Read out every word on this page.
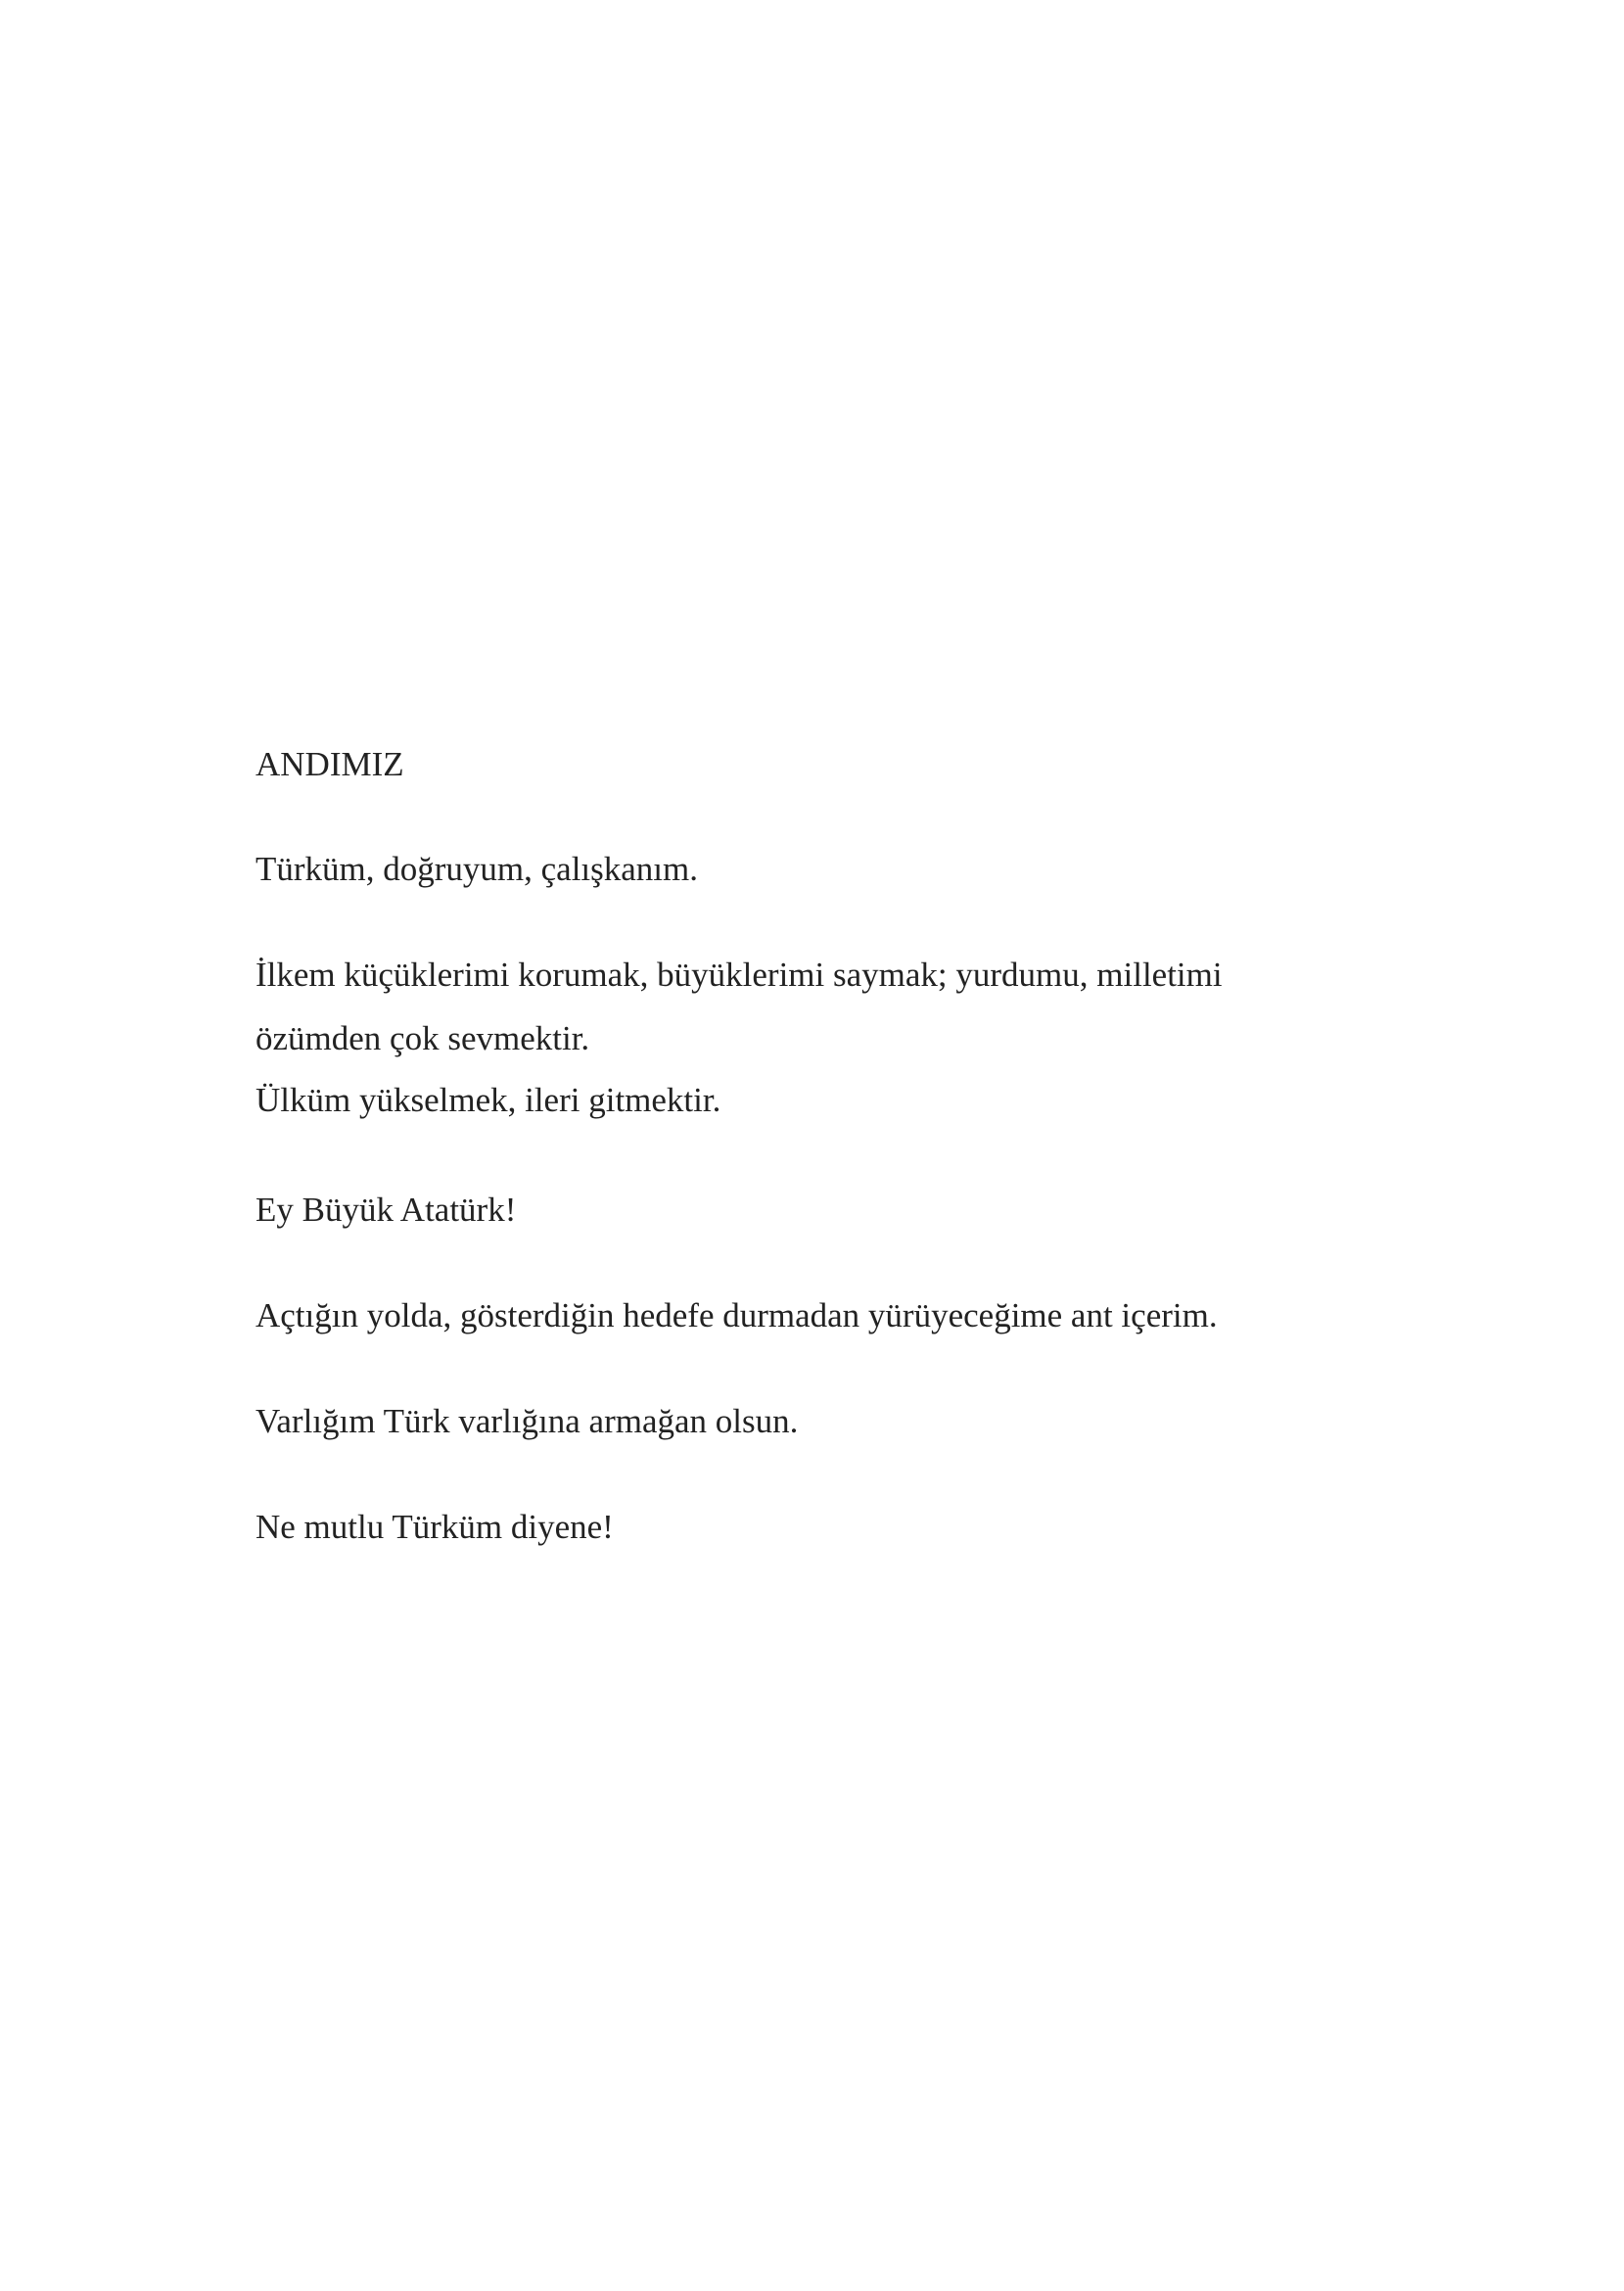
ANDIMIZ
Türküm, doğruyum, çalışkanım.
İlkem küçüklerimi korumak, büyüklerimi saymak; yurdumu, milletimi
özümden çok sevmektir.
Ülküm yükselmek, ileri gitmektir.
Ey Büyük Atatürk!
Açtığın yolda, gösterdiğin hedefe durmadan yürüyeceğime ant içerim.
Varlığım Türk varlığına armağan olsun.
Ne mutlu Türküm diyene!
